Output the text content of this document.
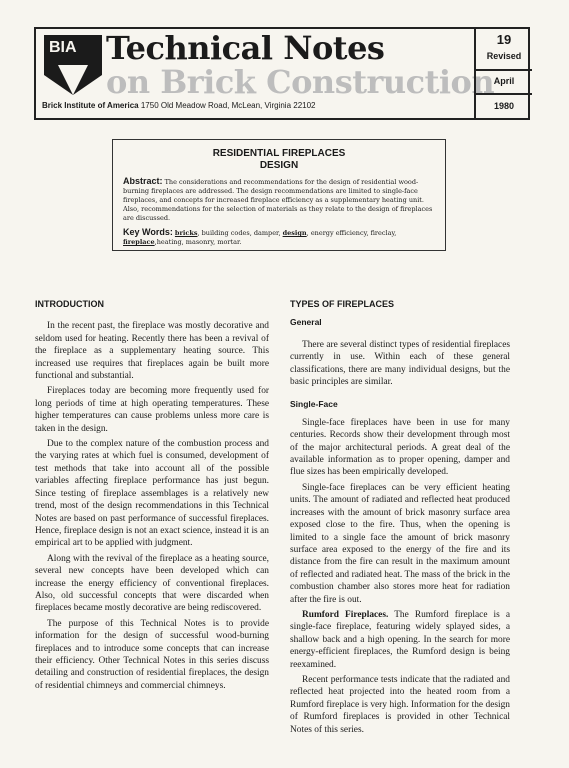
BIA Technical Notes
on Brick Construction
Brick Institute of America 1750 Old Meadow Road, McLean, Virginia 22102
19
Revised
April
1980
RESIDENTIAL FIREPLACES
DESIGN
Abstract: The considerations and recommendations for the design of residential wood-burning fireplaces are addressed. The design recommendations are limited to single-face fireplaces, and concepts for increased fireplace efficiency as a supplementary heating unit. Also, recommendations for the selection of materials as they relate to the design of fireplaces are discussed.
Key Words: bricks, building codes, damper, design, energy efficiency, fireclay, fireplace,heating, masonry, mortar.
INTRODUCTION

In the recent past, the fireplace was mostly decorative and seldom used for heating. Recently there has been a revival of the fireplace as a supplementary heating source. This increased use requires that fireplaces again be built more functional and substantial.

Fireplaces today are becoming more frequently used for long periods of time at high operating temperatures. These higher temperatures can cause problems unless more care is taken in the design.

Due to the complex nature of the combustion process and the varying rates at which fuel is consumed, development of test methods that take into account all of the possible variables affecting fireplace performance has just begun. Since testing of fireplace assemblages is a relatively new trend, most of the design recommendations in this Technical Notes are based on past performance of successful fireplaces. Hence, fireplace design is not an exact science, instead it is an empirical art to be applied with judgment.

Along with the revival of the fireplace as a heating source, several new concepts have been developed which can increase the energy efficiency of conventional fireplaces. Also, old successful concepts that were discarded when fireplaces became mostly decorative are being rediscovered.

The purpose of this Technical Notes is to provide information for the design of successful wood-burning fireplaces and to introduce some concepts that can increase their efficiency. Other Technical Notes in this series discuss detailing and construction of residential fireplaces, the design of residential chimneys and commercial chimneys.

TYPES OF FIREPLACES
General

There are several distinct types of residential fireplaces currently in use. Within each of these general classifications, there are many individual designs, but the basic principles are similar.

Single-Face

Single-face fireplaces have been in use for many centuries. Records show their development through most of the major architectural periods. A great deal of the available information as to proper opening, damper and flue sizes has been empirically developed.

Single-face fireplaces can be very efficient heating units. The amount of radiated and reflected heat produced increases with the amount of brick masonry surface area exposed close to the fire. Thus, when the opening is limited to a single face the amount of brick masonry surface area exposed to the energy of the fire and its distance from the fire can result in the maximum amount of reflected and radiated heat. The mass of the brick in the combustion chamber also stores more heat for radiation after the fire is out.

Rumford Fireplaces. The Rumford fireplace is a single-face fireplace, featuring widely splayed sides, a shallow back and a high opening. In the search for more energy-efficient fireplaces, the Rumford design is being reexamined.

Recent performance tests indicate that the radiated and reflected heat projected into the heated room from a Rumford fireplace is very high. Information for the design of Rumford fireplaces is provided in other Technical Notes of this series.
